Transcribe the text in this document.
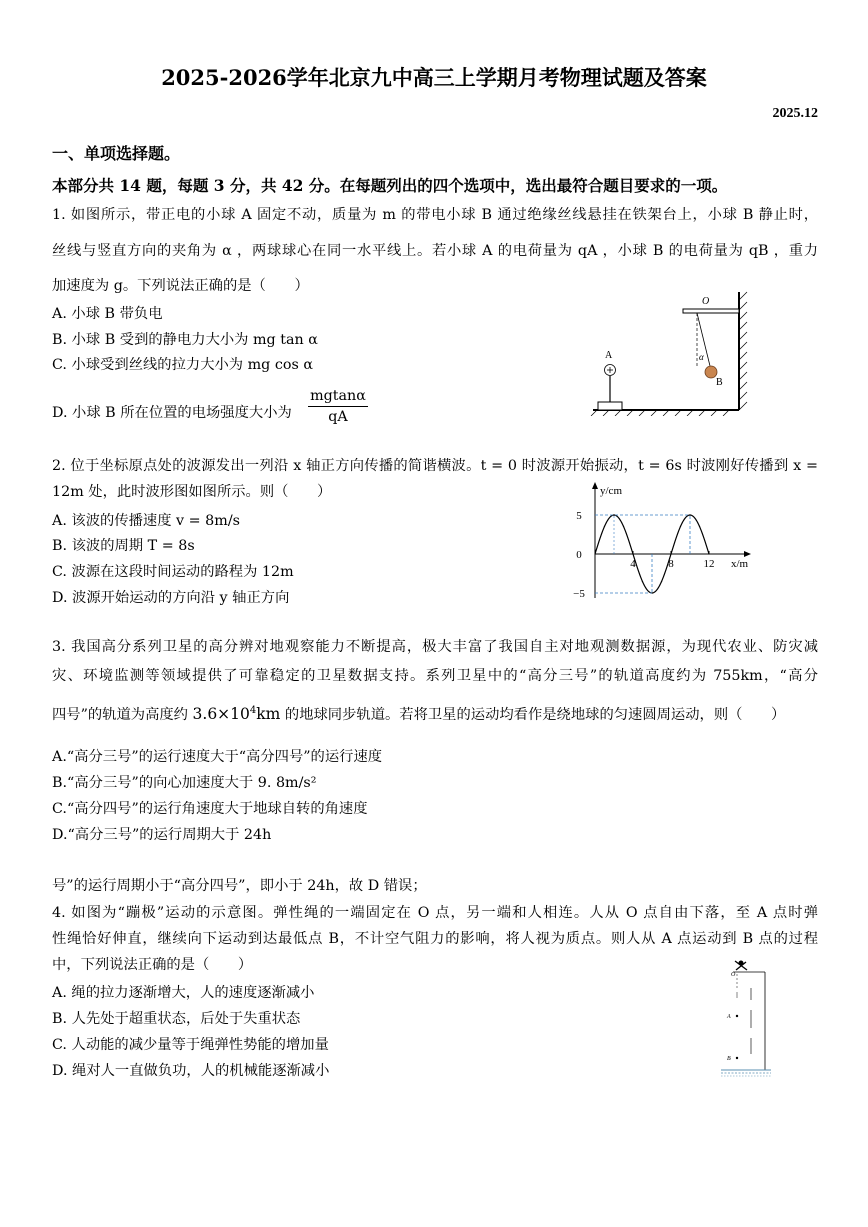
2025-2026学年北京九中高三上学期月考物理试题及答案
2025.12
一、单项选择题。
本部分共 14 题，每题 3 分，共 42 分。在每题列出的四个选项中，选出最符合题目要求的一项。
1. 如图所示，带正电的小球 A 固定不动，质量为 m 的带电小球 B 通过绝缘丝线悬挂在铁架台上，小球 B 静止时，
丝线与竖直方向的夹角为 α ，两球球心在同一水平线上。若小球 A 的电荷量为 qA ，小球 B 的电荷量为 qB ，重力
加速度为 g。下列说法正确的是（　　）
A. 小球 B 带负电
B. 小球 B 受到的静电力大小为 mg tan α
C. 小球受到丝线的拉力大小为 mg cos α
D. 小球 B 所在位置的电场强度大小为 $\frac{mgtan\alpha}{qA}$
O
α
B
A
2. 位于坐标原点处的波源发出一列沿 x 轴正方向传播的简谐横波。t = 0 时波源开始振动，t = 6s 时波刚好传播到 x =
12m 处，此时波形图如图所示。则（　　）
A. 该波的传播速度 v = 8m/s
B. 该波的周期 T = 8s
C. 波源在这段时间运动的路程为 12m
D. 波源开始运动的方向沿 y 轴正方向
y/cm
x/m
5
0
−5
4	8	12
3. 我国高分系列卫星的高分辨对地观察能力不断提高，极大丰富了我国自主对地观测数据源，为现代农业、防灾减
灾、环境监测等领域提供了可靠稳定的卫星数据支持。系列卫星中的“高分三号”的轨道高度约为 755km，“高分
四号”的轨道为高度约 $3.6\times 10^4km$ 的地球同步轨道。若将卫星的运动均看作是绕地球的匀速圆周运动，则（　　）
A.“高分三号”的运行速度大于“高分四号”的运行速度
B.“高分三号”的向心加速度大于 9. 8m/s²
C.“高分四号”的运行角速度大于地球自转的角速度
D.“高分三号”的运行周期大于 24h
号”的运行周期小于“高分四号”，即小于 24h，故 D 错误；
4. 如图为“蹦极”运动的示意图。弹性绳的一端固定在 O 点，另一端和人相连。人从 O 点自由下落，至 A 点时弹
性绳恰好伸直，继续向下运动到达最低点 B，不计空气阻力的影响，将人视为质点。则人从 A 点运动到 B 点的过程
中，下列说法正确的是（　　）
A. 绳的拉力逐渐增大，人的速度逐渐减小
B. 人先处于超重状态，后处于失重状态
C. 人动能的减少量等于绳弹性势能的增加量
D. 绳对人一直做负功，人的机械能逐渐减小
O
A
B
